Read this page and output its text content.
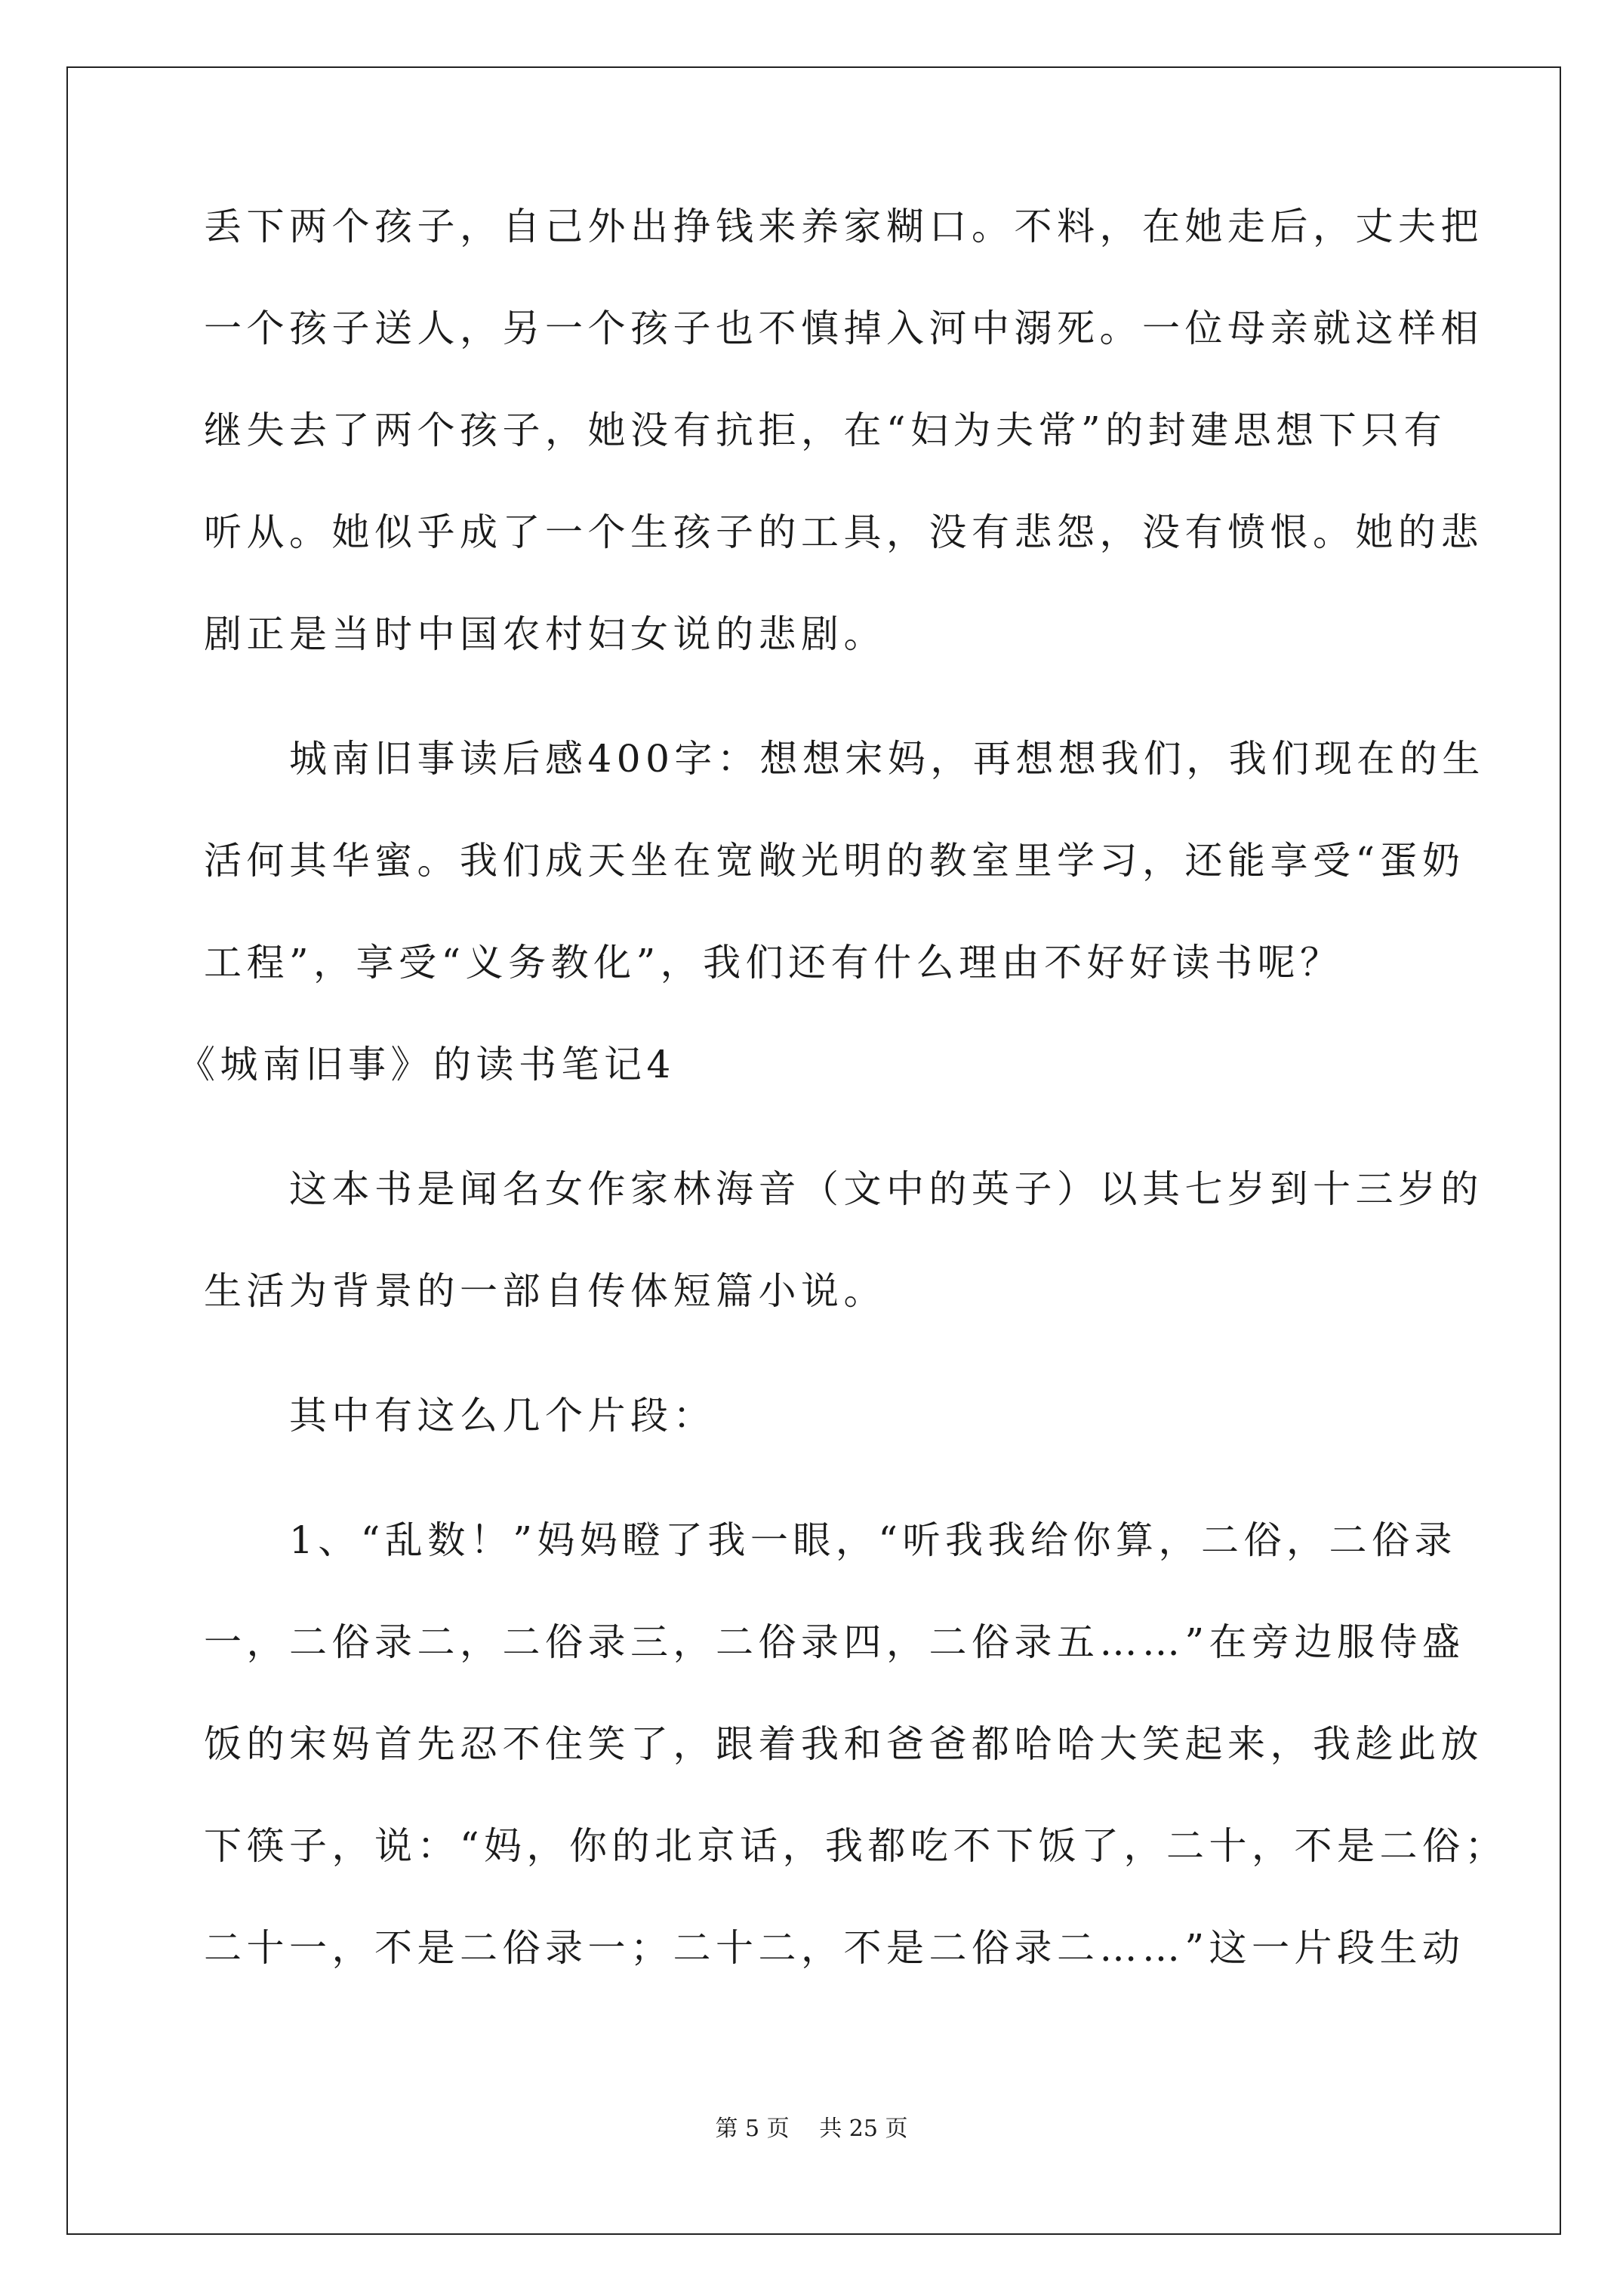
丢下两个孩子，自己外出挣钱来养家糊口。不料，在她走后，丈夫把
一个孩子送人，另一个孩子也不慎掉入河中溺死。一位母亲就这样相
继失去了两个孩子，她没有抗拒，在“妇为夫常”的封建思想下只有
听从。她似乎成了一个生孩子的工具，没有悲怨，没有愤恨。她的悲
剧正是当时中国农村妇女说的悲剧。
　　城南旧事读后感400字：想想宋妈，再想想我们，我们现在的生
活何其华蜜。我们成天坐在宽敞光明的教室里学习，还能享受“蛋奶
工程”，享受“义务教化”，我们还有什么理由不好好读书呢？
《城南旧事》的读书笔记4
　　这本书是闻名女作家林海音（文中的英子）以其七岁到十三岁的
生活为背景的一部自传体短篇小说。
　　其中有这么几个片段：
　　1、“乱数！”妈妈瞪了我一眼，“听我我给你算，二俗，二俗录
一，二俗录二，二俗录三，二俗录四，二俗录五……”在旁边服侍盛
饭的宋妈首先忍不住笑了，跟着我和爸爸都哈哈大笑起来，我趁此放
下筷子，说：“妈，你的北京话，我都吃不下饭了，二十，不是二俗；
二十一，不是二俗录一；二十二，不是二俗录二……”这一片段生动
第 5 页　 共 25 页
